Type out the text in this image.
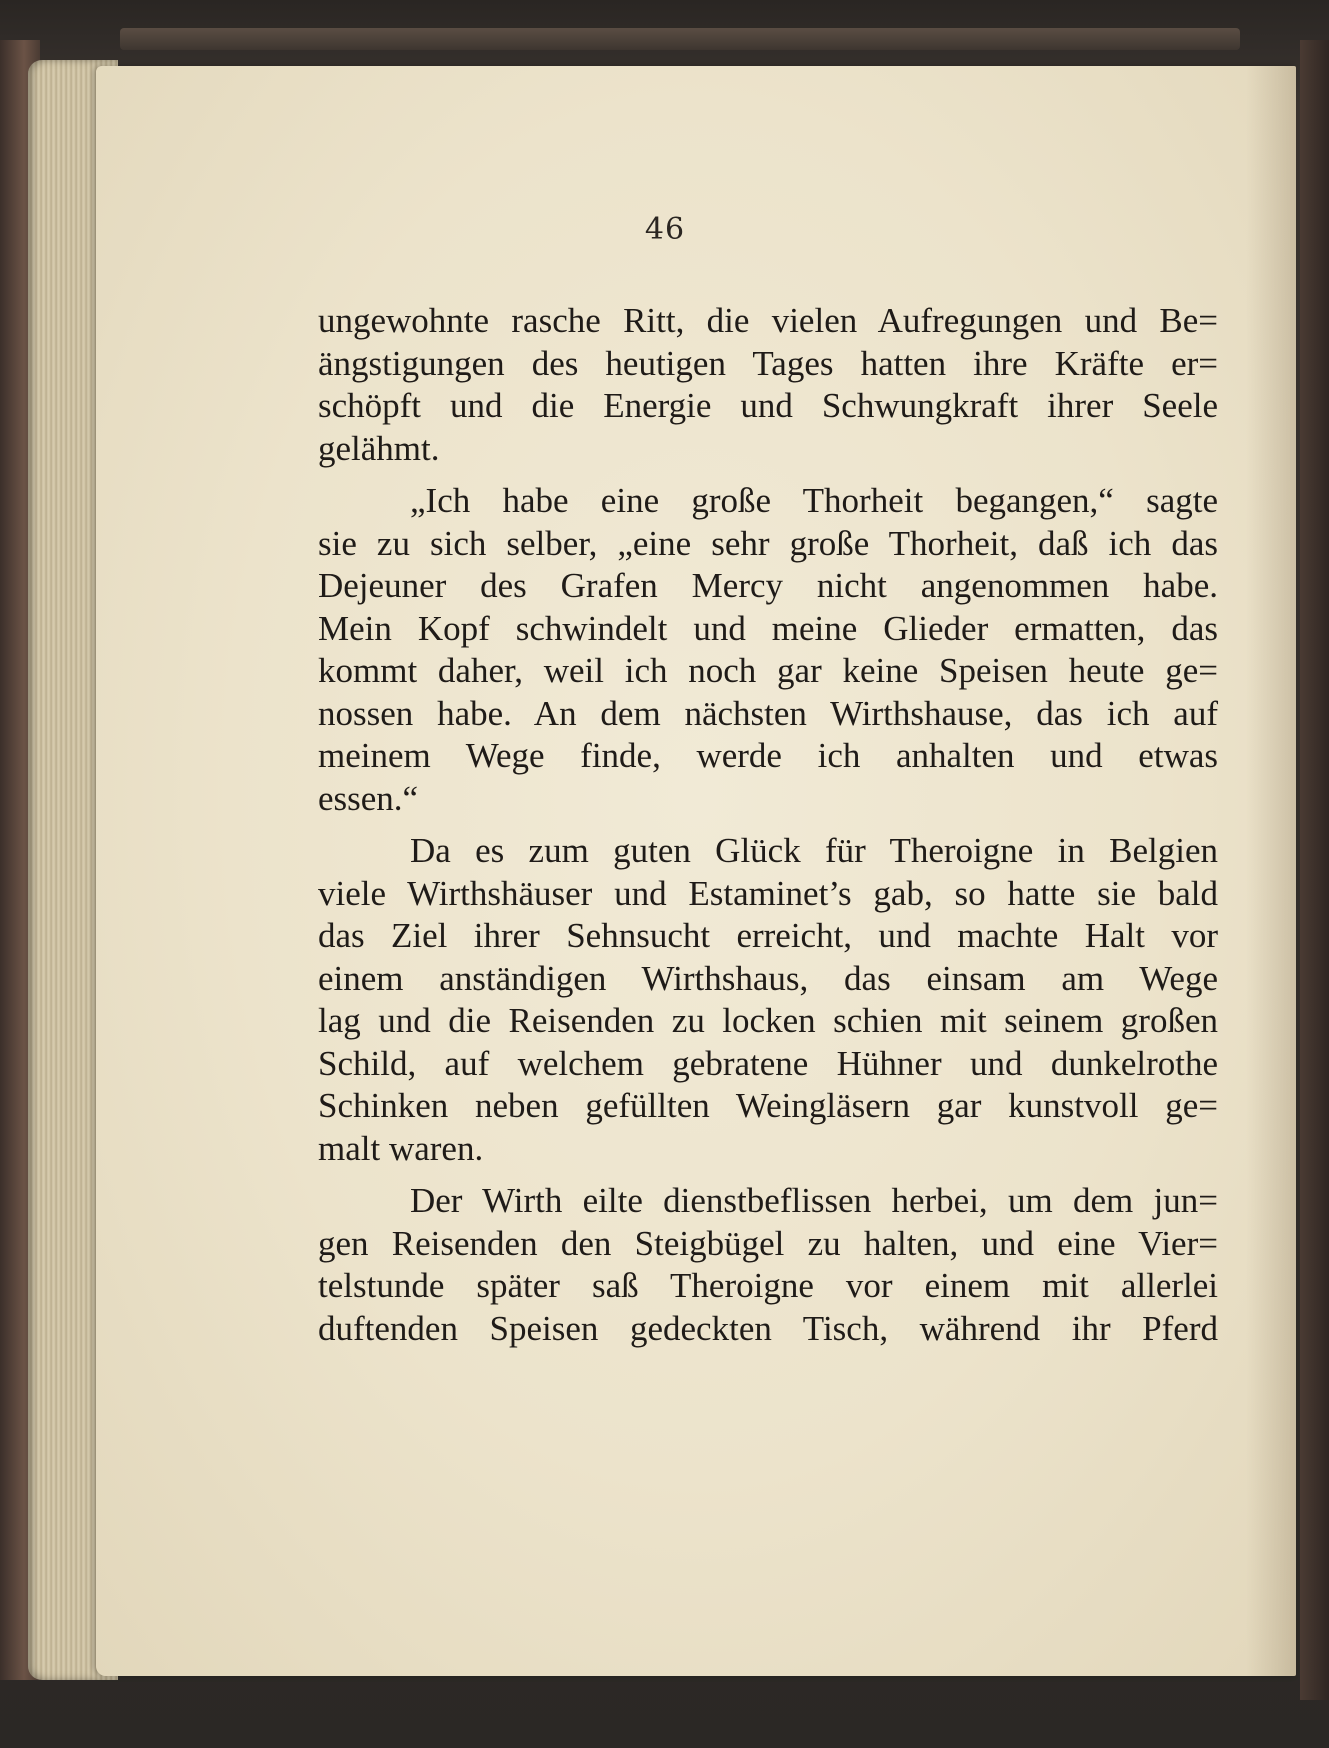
46
ungewohnte rasche Ritt, die vielen Aufregungen und Be=
ängstigungen des heutigen Tages hatten ihre Kräfte er=
schöpft und die Energie und Schwungkraft ihrer Seele
gelähmt.
„Ich habe eine große Thorheit begangen,“ sagte
sie zu sich selber, „eine sehr große Thorheit, daß ich das
Dejeuner des Grafen Mercy nicht angenommen habe.
Mein Kopf schwindelt und meine Glieder ermatten, das
kommt daher, weil ich noch gar keine Speisen heute ge=
nossen habe. An dem nächsten Wirthshause, das ich auf
meinem Wege finde, werde ich anhalten und etwas
essen.“
Da es zum guten Glück für Theroigne in Belgien
viele Wirthshäuser und Estaminet’s gab, so hatte sie bald
das Ziel ihrer Sehnsucht erreicht, und machte Halt vor
einem anständigen Wirthshaus, das einsam am Wege
lag und die Reisenden zu locken schien mit seinem großen
Schild, auf welchem gebratene Hühner und dunkelrothe
Schinken neben gefüllten Weingläsern gar kunstvoll ge=
malt waren.
Der Wirth eilte dienstbeflissen herbei, um dem jun=
gen Reisenden den Steigbügel zu halten, und eine Vier=
telstunde später saß Theroigne vor einem mit allerlei
duftenden Speisen gedeckten Tisch, während ihr Pferd
